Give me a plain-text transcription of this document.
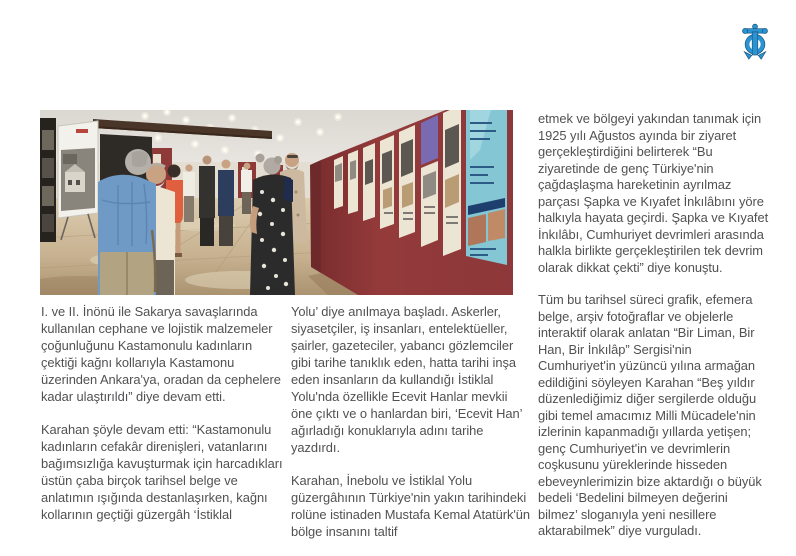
I. ve II. İnönü ile Sakarya savaşlarında kullanılan cephane ve lojistik malzemeler çoğunluğunu Kastamonulu kadınların çektiği kağnı kollarıyla Kastamonu üzerinden Ankara'ya, oradan da cephelere kadar ulaştırıldı” diye devam etti.

Karahan şöyle devam etti: “Kastamonulu kadınların cefakâr direnişleri, vatanlarını bağımsızlığa kavuşturmak için harcadıkları üstün çaba birçok tarihsel belge ve anlatımın ışığında destanlaşırken, kağnı kollarının geçtiği güzergâh ‘İstiklal

Yolu’ diye anılmaya başladı. Askerler, siyasetçiler, iş insanları, entelektüeller, şairler, gazeteciler, yabancı gözlemciler gibi tarihe tanıklık eden, hatta tarihi inşa eden insanların da kullandığı İstiklal Yolu'nda özellikle Ecevit Hanlar mevkii öne çıktı ve o hanlardan biri, ‘Ecevit Han’ ağırladığı konuklarıyla adını tarihe yazdırdı.

Karahan, İnebolu ve İstiklal Yolu güzergâhının Türkiye'nin yakın tarihindeki rolüne istinaden Mustafa Kemal Atatürk'ün bölge insanını taltif

etmek ve bölgeyi yakından tanımak için 1925 yılı Ağustos ayında bir ziyaret gerçekleştirdiğini belirterek “Bu ziyaretinde de genç Türkiye'nin çağdaşlaşma hareketinin ayrılmaz parçası Şapka ve Kıyafet İnkılâbını yöre halkıyla hayata geçirdi. Şapka ve Kıyafet İnkılâbı, Cumhuriyet devrimleri arasında halkla birlikte gerçekleştirilen tek devrim olarak dikkat çekti” diye konuştu.

Tüm bu tarihsel süreci grafik, efemera belge, arşiv fotoğraflar ve objelerle interaktif olarak anlatan “Bir Liman, Bir Han, Bir İnkılâp” Sergisi'nin Cumhuriyet'in yüzüncü yılına armağan edildiğini söyleyen Karahan “Beş yıldır düzenlediğimiz diğer sergilerde olduğu gibi temel amacımız Milli Mücadele'nin izlerinin kapanmadığı yıllarda yetişen; genç Cumhuriyet'in ve devrimlerin coşkusunu yüreklerinde hisseden ebeveynlerimizin bize aktardığı o büyük bedeli ‘Bedelini bilmeyen değerini bilmez’ sloganıyla yeni nesillere aktarabilmek” diye vurguladı.
